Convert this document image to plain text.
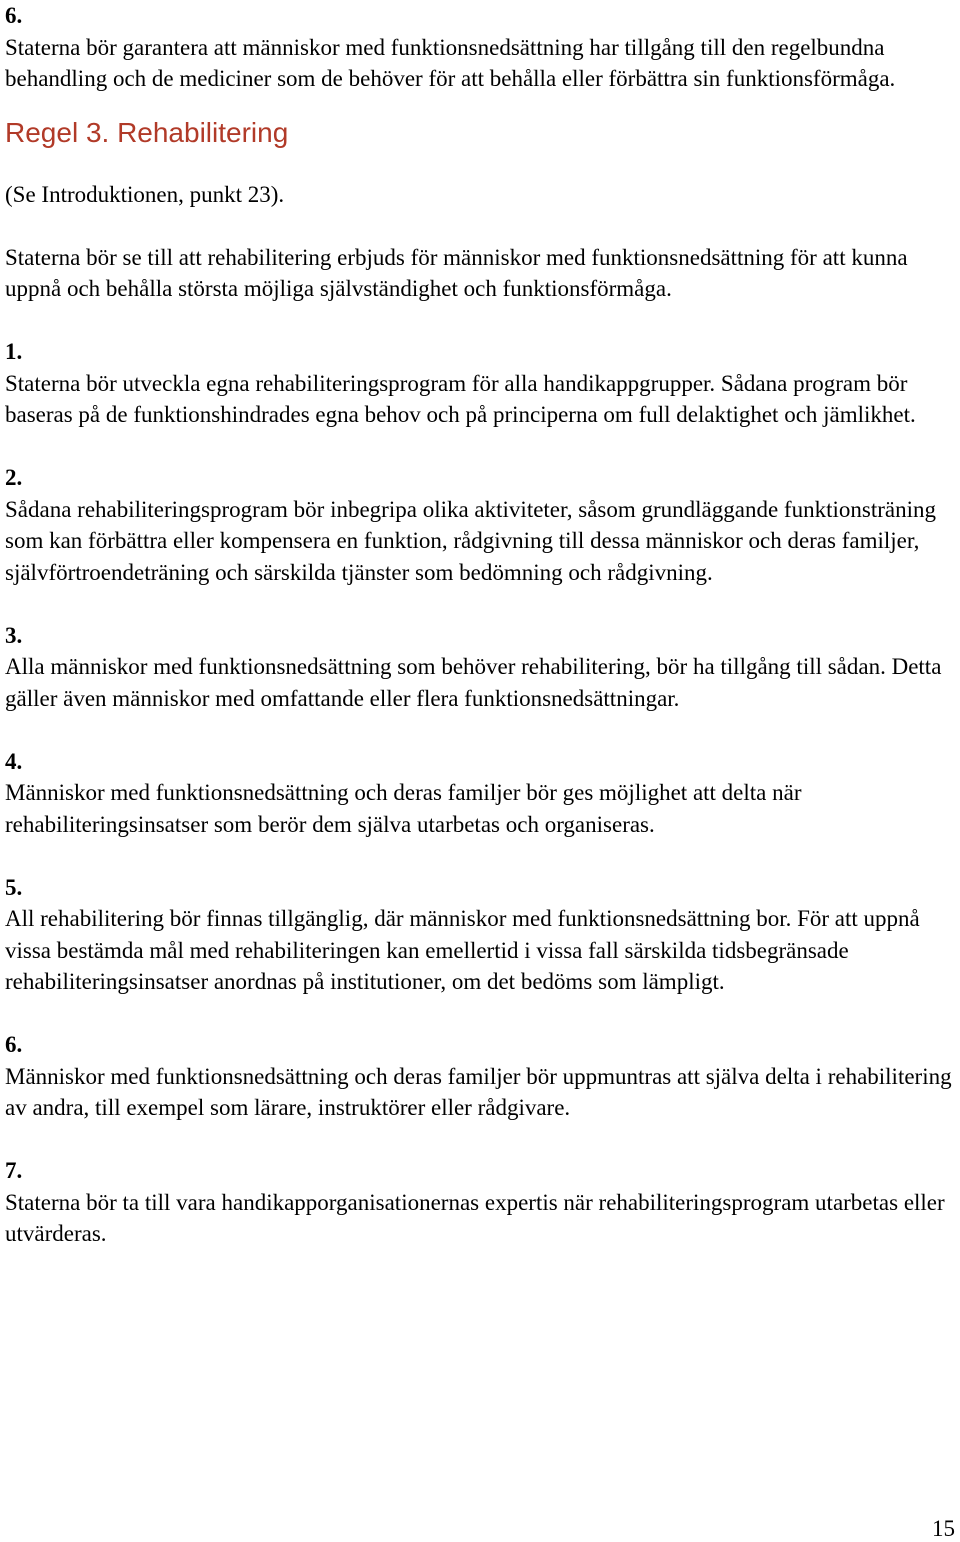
6.

Staterna bör garantera att människor med funktionsnedsättning har tillgång till den regelbundna behandling och de mediciner som de behöver för att behålla eller förbättra sin funktionsförmåga.

Regel 3. Rehabilitering

(Se Introduktionen, punkt 23).

Staterna bör se till att rehabilitering erbjuds för människor med funktionsnedsättning för att kunna uppnå och behålla största möjliga självständighet och funktionsförmåga.

1.

Staterna bör utveckla egna rehabiliteringsprogram för alla handikappgrupper. Sådana program bör baseras på de funktionshindrades egna behov och på principerna om full delaktighet och jämlikhet.

2.

Sådana rehabiliteringsprogram bör inbegripa olika aktiviteter, såsom grundläggande funktionsträning som kan förbättra eller kompensera en funktion, rådgivning till dessa människor och deras familjer, självförtroendeträning och särskilda tjänster som bedömning och rådgivning.

3.

Alla människor med funktionsnedsättning som behöver rehabilitering, bör ha tillgång till sådan. Detta gäller även människor med omfattande eller flera funktionsnedsättningar.

4.

Människor med funktionsnedsättning och deras familjer bör ges möjlighet att delta när rehabiliteringsinsatser som berör dem själva utarbetas och organiseras.

5.

All rehabilitering bör finnas tillgänglig, där människor med funktionsnedsättning bor. För att uppnå vissa bestämda mål med rehabiliteringen kan emellertid i vissa fall särskilda tidsbegränsade rehabiliteringsinsatser anordnas på institutioner, om det bedöms som lämpligt.

6.

Människor med funktionsnedsättning och deras familjer bör uppmuntras att själva delta i rehabilitering av andra, till exempel som lärare, instruktörer eller rådgivare.

7.

Staterna bör ta till vara handikapporganisationernas expertis när rehabiliteringsprogram utarbetas eller utvärderas.

15
